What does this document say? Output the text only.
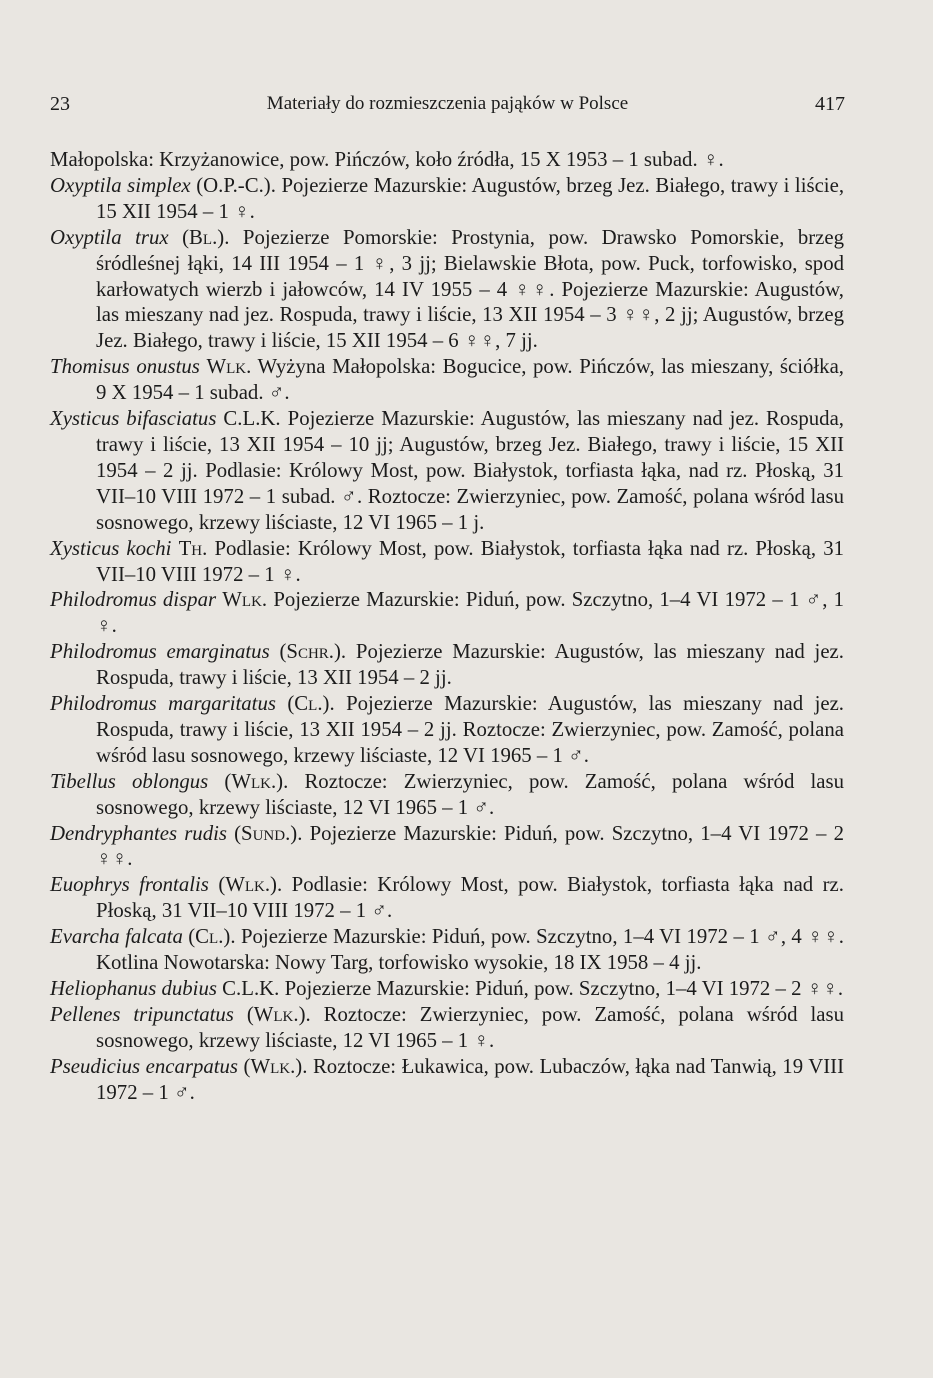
23	Materiały do rozmieszczenia pająków w Polsce	417

Małopolska: Krzyżanowice, pow. Pińczów, koło źródła, 15 X 1953 – 1 subad. ♀.

Oxyptila simplex (O.P.-C.). Pojezierze Mazurskie: Augustów, brzeg Jez. Białego, trawy i liście, 15 XII 1954 – 1 ♀.

Oxyptila trux (Bl.). Pojezierze Pomorskie: Prostynia, pow. Drawsko Pomorskie, brzeg śródleśnej łąki, 14 III 1954 – 1 ♀, 3 jj; Bielawskie Błota, pow. Puck, torfowisko, spod karłowatych wierzb i jałowców, 14 IV 1955 – 4 ♀♀. Pojezierze Mazurskie: Augustów, las mieszany nad jez. Rospuda, trawy i liście, 13 XII 1954 – 3 ♀♀, 2 jj; Augustów, brzeg Jez. Białego, trawy i liście, 15 XII 1954 – 6 ♀♀, 7 jj.

Thomisus onustus Wlk. Wyżyna Małopolska: Bogucice, pow. Pińczów, las mieszany, ściółka, 9 X 1954 – 1 subad. ♂.

Xysticus bifasciatus C.L.K. Pojezierze Mazurskie: Augustów, las mieszany nad jez. Rospuda, trawy i liście, 13 XII 1954 – 10 jj; Augustów, brzeg Jez. Białego, trawy i liście, 15 XII 1954 – 2 jj. Podlasie: Królowy Most, pow. Białystok, torfiasta łąka, nad rz. Płoską, 31 VII–10 VIII 1972 – 1 subad. ♂. Roztocze: Zwierzyniec, pow. Zamość, polana wśród lasu sosnowego, krzewy liściaste, 12 VI 1965 – 1 j.

Xysticus kochi Th. Podlasie: Królowy Most, pow. Białystok, torfiasta łąka nad rz. Płoską, 31 VII–10 VIII 1972 – 1 ♀.

Philodromus dispar Wlk. Pojezierze Mazurskie: Piduń, pow. Szczytno, 1–4 VI 1972 – 1 ♂, 1 ♀.

Philodromus emarginatus (Schr.). Pojezierze Mazurskie: Augustów, las mieszany nad jez. Rospuda, trawy i liście, 13 XII 1954 – 2 jj.

Philodromus margaritatus (Cl.). Pojezierze Mazurskie: Augustów, las mieszany nad jez. Rospuda, trawy i liście, 13 XII 1954 – 2 jj. Roztocze: Zwierzyniec, pow. Zamość, polana wśród lasu sosnowego, krzewy liściaste, 12 VI 1965 – 1 ♂.

Tibellus oblongus (Wlk.). Roztocze: Zwierzyniec, pow. Zamość, polana wśród lasu sosnowego, krzewy liściaste, 12 VI 1965 – 1 ♂.

Dendryphantes rudis (Sund.). Pojezierze Mazurskie: Piduń, pow. Szczytno, 1–4 VI 1972 – 2 ♀♀.

Euophrys frontalis (Wlk.). Podlasie: Królowy Most, pow. Białystok, torfiasta łąka nad rz. Płoską, 31 VII–10 VIII 1972 – 1 ♂.

Evarcha falcata (Cl.). Pojezierze Mazurskie: Piduń, pow. Szczytno, 1–4 VI 1972 – 1 ♂, 4 ♀♀. Kotlina Nowotarska: Nowy Targ, torfowisko wysokie, 18 IX 1958 – 4 jj.

Heliophanus dubius C.L.K. Pojezierze Mazurskie: Piduń, pow. Szczytno, 1–4 VI 1972 – 2 ♀♀.

Pellenes tripunctatus (Wlk.). Roztocze: Zwierzyniec, pow. Zamość, polana wśród lasu sosnowego, krzewy liściaste, 12 VI 1965 – 1 ♀.

Pseudicius encarpatus (Wlk.). Roztocze: Łukawica, pow. Lubaczów, łąka nad Tanwią, 19 VIII 1972 – 1 ♂.
